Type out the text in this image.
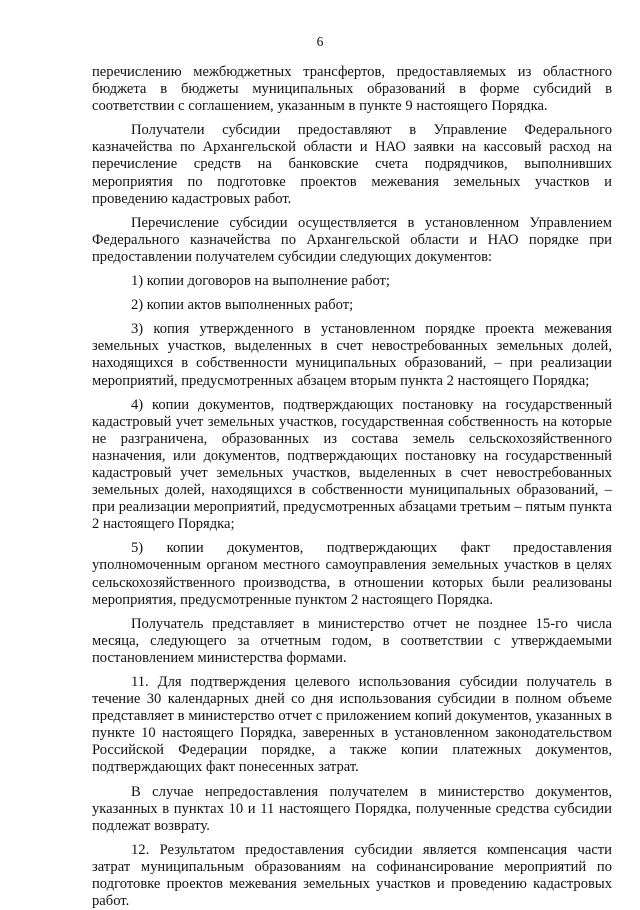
6

перечислению межбюджетных трансфертов, предоставляемых из областного бюджета в бюджеты муниципальных образований в форме субсидий в соответствии с соглашением, указанным в пункте 9 настоящего Порядка.

Получатели субсидии предоставляют в Управление Федерального казначейства по Архангельской области и НАО заявки на кассовый расход на перечисление средств на банковские счета подрядчиков, выполнивших мероприятия по подготовке проектов межевания земельных участков и проведению кадастровых работ.

Перечисление субсидии осуществляется в установленном Управлением Федерального казначейства по Архангельской области и НАО порядке при предоставлении получателем субсидии следующих документов:

1) копии договоров на выполнение работ;

2) копии актов выполненных работ;

3) копия утвержденного в установленном порядке проекта межевания земельных участков, выделенных в счет невостребованных земельных долей, находящихся в собственности муниципальных образований, – при реализации мероприятий, предусмотренных абзацем вторым пункта 2 настоящего Порядка;

4) копии документов, подтверждающих постановку на государственный кадастровый учет земельных участков, государственная собственность на которые не разграничена, образованных из состава земель сельскохозяйственного назначения, или документов, подтверждающих постановку на государственный кадастровый учет земельных участков, выделенных в счет невостребованных земельных долей, находящихся в собственности муниципальных образований, – при реализации мероприятий, предусмотренных абзацами третьим – пятым пункта 2 настоящего Порядка;

5) копии документов, подтверждающих факт предоставления уполномоченным органом местного самоуправления земельных участков в целях сельскохозяйственного производства, в отношении которых были реализованы мероприятия, предусмотренные пунктом 2 настоящего Порядка.

Получатель представляет в министерство отчет не позднее 15-го числа месяца, следующего за отчетным годом, в соответствии с утверждаемыми постановлением министерства формами.

11. Для подтверждения целевого использования субсидии получатель в течение 30 календарных дней со дня использования субсидии в полном объеме представляет в министерство отчет с приложением копий документов, указанных в пункте 10 настоящего Порядка, заверенных в установленном законодательством Российской Федерации порядке, а также копии платежных документов, подтверждающих факт понесенных затрат.

В случае непредоставления получателем в министерство документов, указанных в пунктах 10 и 11 настоящего Порядка, полученные средства субсидии подлежат возврату.

12. Результатом предоставления субсидии является компенсация части затрат муниципальным образованиям на софинансирование мероприятий по подготовке проектов межевания земельных участков и проведению кадастровых работ.
